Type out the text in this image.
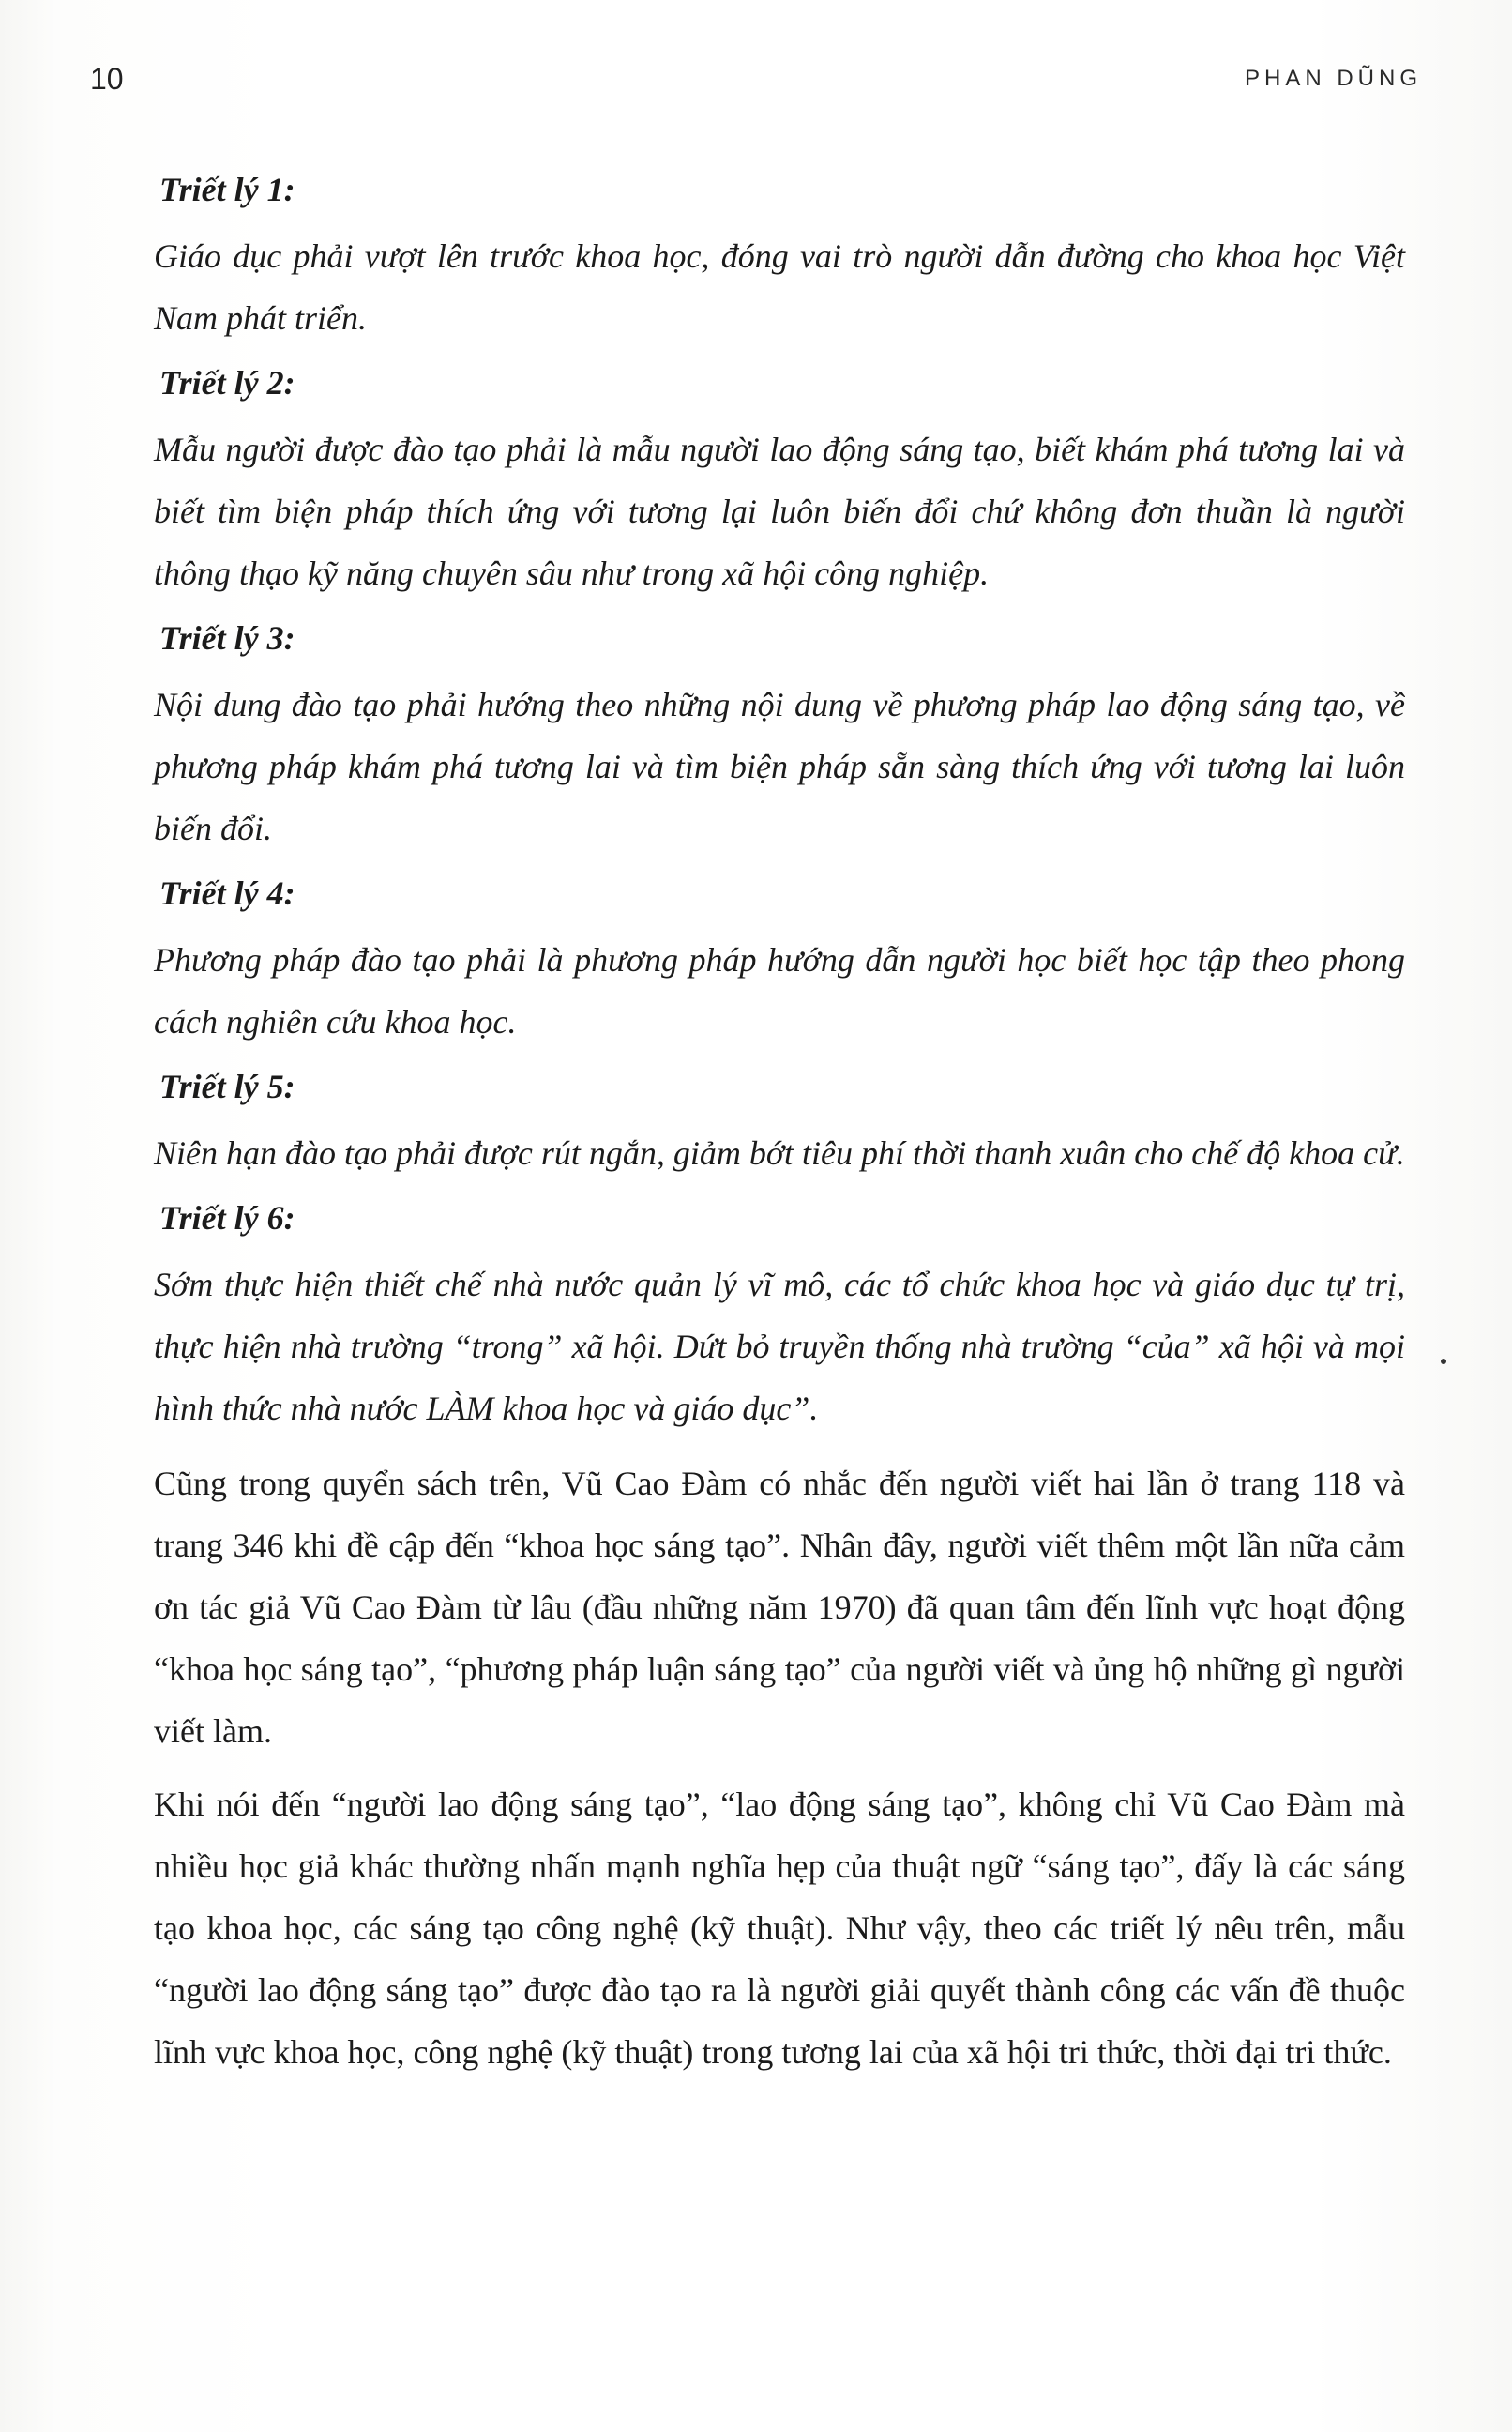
10	PHAN DŨNG

Triết lý 1:

Giáo dục phải vượt lên trước khoa học, đóng vai trò người dẫn đường cho khoa học Việt Nam phát triển.

Triết lý 2:

Mẫu người được đào tạo phải là mẫu người lao động sáng tạo, biết khám phá tương lai và biết tìm biện pháp thích ứng với tương lại luôn biến đổi chứ không đơn thuần là người thông thạo kỹ năng chuyên sâu như trong xã hội công nghiệp.

Triết lý 3:

Nội dung đào tạo phải hướng theo những nội dung về phương pháp lao động sáng tạo, về phương pháp khám phá tương lai và tìm biện pháp sẵn sàng thích ứng với tương lai luôn biến đổi.

Triết lý 4:

Phương pháp đào tạo phải là phương pháp hướng dẫn người học biết học tập theo phong cách nghiên cứu khoa học.

Triết lý 5:

Niên hạn đào tạo phải được rút ngắn, giảm bớt tiêu phí thời thanh xuân cho chế độ khoa cử.

Triết lý 6:

Sớm thực hiện thiết chế nhà nước quản lý vĩ mô, các tổ chức khoa học và giáo dục tự trị, thực hiện nhà trường “trong” xã hội. Dứt bỏ truyền thống nhà trường “của” xã hội và mọi hình thức nhà nước LÀM khoa học và giáo dục”.

Cũng trong quyển sách trên, Vũ Cao Đàm có nhắc đến người viết hai lần ở trang 118 và trang 346 khi đề cập đến “khoa học sáng tạo”. Nhân đây, người viết thêm một lần nữa cảm ơn tác giả Vũ Cao Đàm từ lâu (đầu những năm 1970) đã quan tâm đến lĩnh vực hoạt động “khoa học sáng tạo”, “phương pháp luận sáng tạo” của người viết và ủng hộ những gì người viết làm.

Khi nói đến “người lao động sáng tạo”, “lao động sáng tạo”, không chỉ Vũ Cao Đàm mà nhiều học giả khác thường nhấn mạnh nghĩa hẹp của thuật ngữ “sáng tạo”, đấy là các sáng tạo khoa học, các sáng tạo công nghệ (kỹ thuật). Như vậy, theo các triết lý nêu trên, mẫu “người lao động sáng tạo” được đào tạo ra là người giải quyết thành công các vấn đề thuộc lĩnh vực khoa học, công nghệ (kỹ thuật) trong tương lai của xã hội tri thức, thời đại tri thức.
